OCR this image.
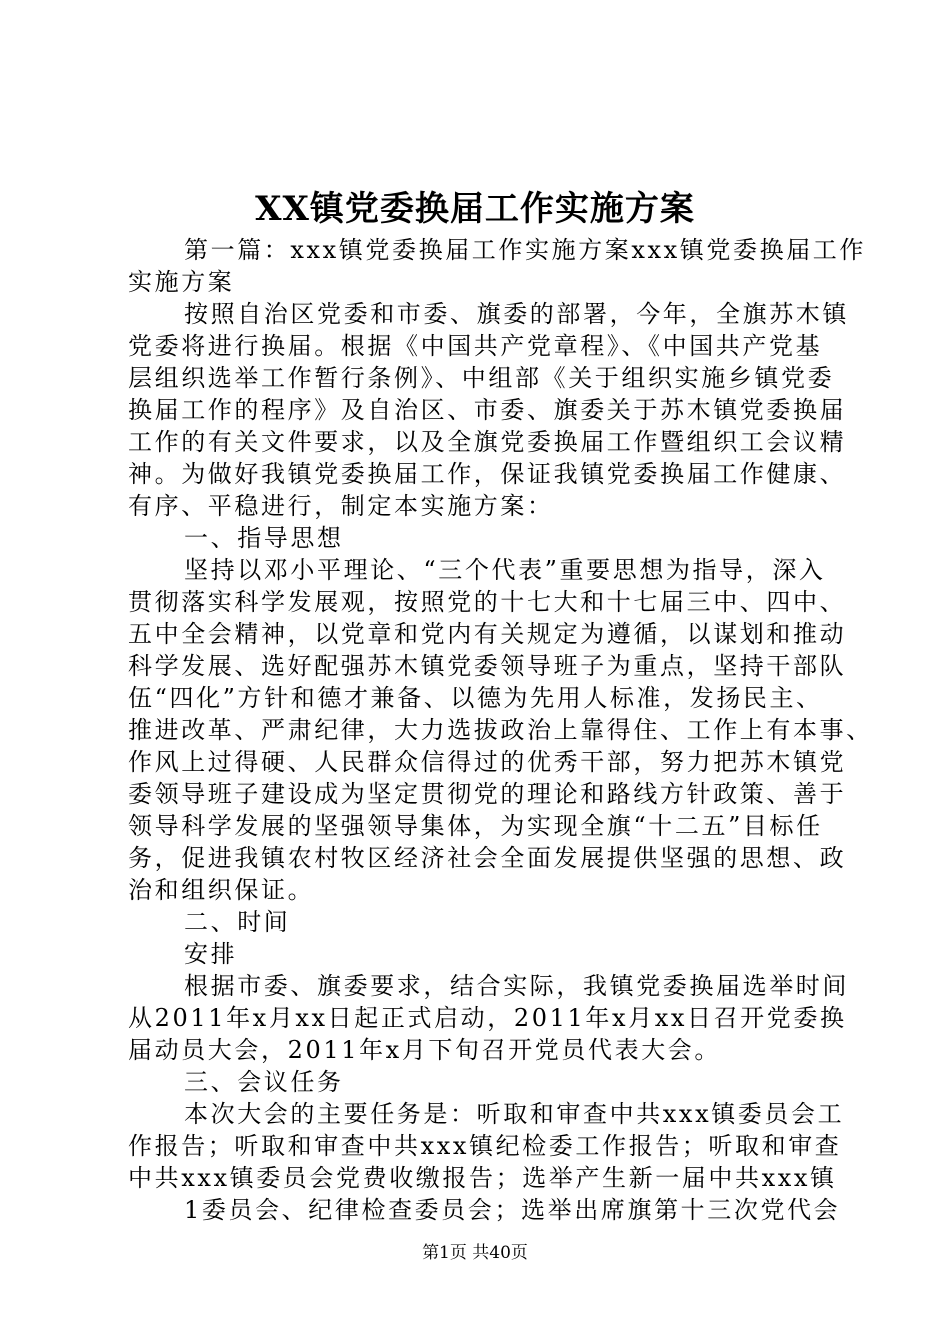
XX镇党委换届工作实施方案
第一篇：xxx镇党委换届工作实施方案xxx镇党委换届工作
实施方案
按照自治区党委和市委、旗委的部署，今年，全旗苏木镇
党委将进行换届。根据《中国共产党章程》、《中国共产党基
层组织选举工作暂行条例》、中组部《关于组织实施乡镇党委
换届工作的程序》及自治区、市委、旗委关于苏木镇党委换届
工作的有关文件要求，以及全旗党委换届工作暨组织工会议精
神。为做好我镇党委换届工作，保证我镇党委换届工作健康、
有序、平稳进行，制定本实施方案：
一、指导思想
坚持以邓小平理论、“三个代表”重要思想为指导，深入
贯彻落实科学发展观，按照党的十七大和十七届三中、四中、
五中全会精神，以党章和党内有关规定为遵循，以谋划和推动
科学发展、选好配强苏木镇党委领导班子为重点，坚持干部队
伍“四化”方针和德才兼备、以德为先用人标准，发扬民主、
推进改革、严肃纪律，大力选拔政治上靠得住、工作上有本事、
作风上过得硬、人民群众信得过的优秀干部，努力把苏木镇党
委领导班子建设成为坚定贯彻党的理论和路线方针政策、善于
领导科学发展的坚强领导集体，为实现全旗“十二五”目标任
务，促进我镇农村牧区经济社会全面发展提供坚强的思想、政
治和组织保证。
二、时间
安排
根据市委、旗委要求，结合实际，我镇党委换届选举时间
从2011年x月xx日起正式启动，2011年x月xx日召开党委换
届动员大会，2011年x月下旬召开党员代表大会。
三、会议任务
本次大会的主要任务是：听取和审查中共xxx镇委员会工
作报告；听取和审查中共xxx镇纪检委工作报告；听取和审查
中共xxx镇委员会党费收缴报告；选举产生新一届中共xxx镇
1委员会、纪律检查委员会；选举出席旗第十三次党代会
第1页 共40页
